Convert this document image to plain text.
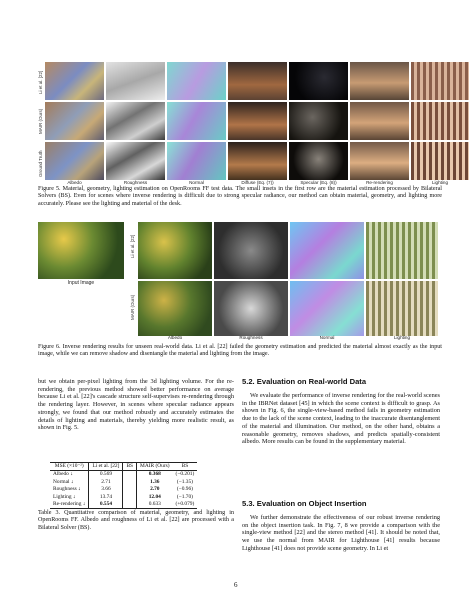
Li et al. [22]
MAIR (Ours)
Ground Truth
Albedo	Roughness	Normal	Diffuse (Eq. (7))	Specular (Eq. (8))	Re-rendering	Lighting
Figure 5. Material, geometry, lighting estimation on OpenRooms FF test data. The small insets in the first row are the material estimation processed by Bilateral Solvers (BS). Even for scenes where inverse rendering is difficult due to strong specular radiance, our method can obtain material, geometry, and lighting more accurately. Please see the lighting and material of the desk.
Input Image
Li et al. [22]
MAIR (Ours)
Albedo	Roughness	Normal	Lighting
Figure 6. Inverse rendering results for unseen real-world data. Li et al. [22] failed the geometry estimation and predicted the material almost exactly as the input image, while we can remove shadow and disentangle the material and lighting from the image.
but we obtain per-pixel lighting from the 3d lighting volume. For the re-rendering, the previous method showed better performance on average because Li et al. [22]'s cascade structure self-supervises re-rendering through the rendering layer. However, in scenes where specular radiance appears strongly, we found that our method robustly and accurately estimates the details of lighting and materials, thereby yielding more realistic result, as shown in Fig. 5.
MSE (×10⁻²)	Li et al. [22]	BS	MAIR (Ours)	BS
Albedo ↓	0.569		0.368	(−0.201)
Normal ↓	2.71		1.36	(−1.35)
Roughness ↓	3.66		2.70	(−0.96)
Lighting ↓	13.74		12.04	(−1.70)
Re-rendering ↓	0.554		0.633	(+0.079)
Table 3. Quantitative comparison of material, geometry, and lighting in OpenRooms FF. Albedo and roughness of Li et al. [22] are processed with a Bilateral Solver (BS).
5.2. Evaluation on Real-world Data
We evaluate the performance of inverse rendering for the real-world scenes in the IBRNet dataset [45] in which the scene context is difficult to grasp. As shown in Fig. 6, the single-view-based method fails in geometry estimation due to the lack of the scene context, leading to the inaccurate disentanglement of the material and illumination. Our method, on the other hand, obtains a reasonable geometry, removes shadows, and predicts spatially-consistent albedo. More results can be found in the supplementary material.
5.3. Evaluation on Object Insertion
We further demonstrate the effectiveness of our robust inverse rendering on the object insertion task. In Fig. 7, 8 we provide a comparison with the single-view method [22] and the stereo method [41]. It should be noted that, we use the normal from MAIR for Lighthouse [41] results because Lighthouse [41] does not provide scene geometry. In Li et
6
